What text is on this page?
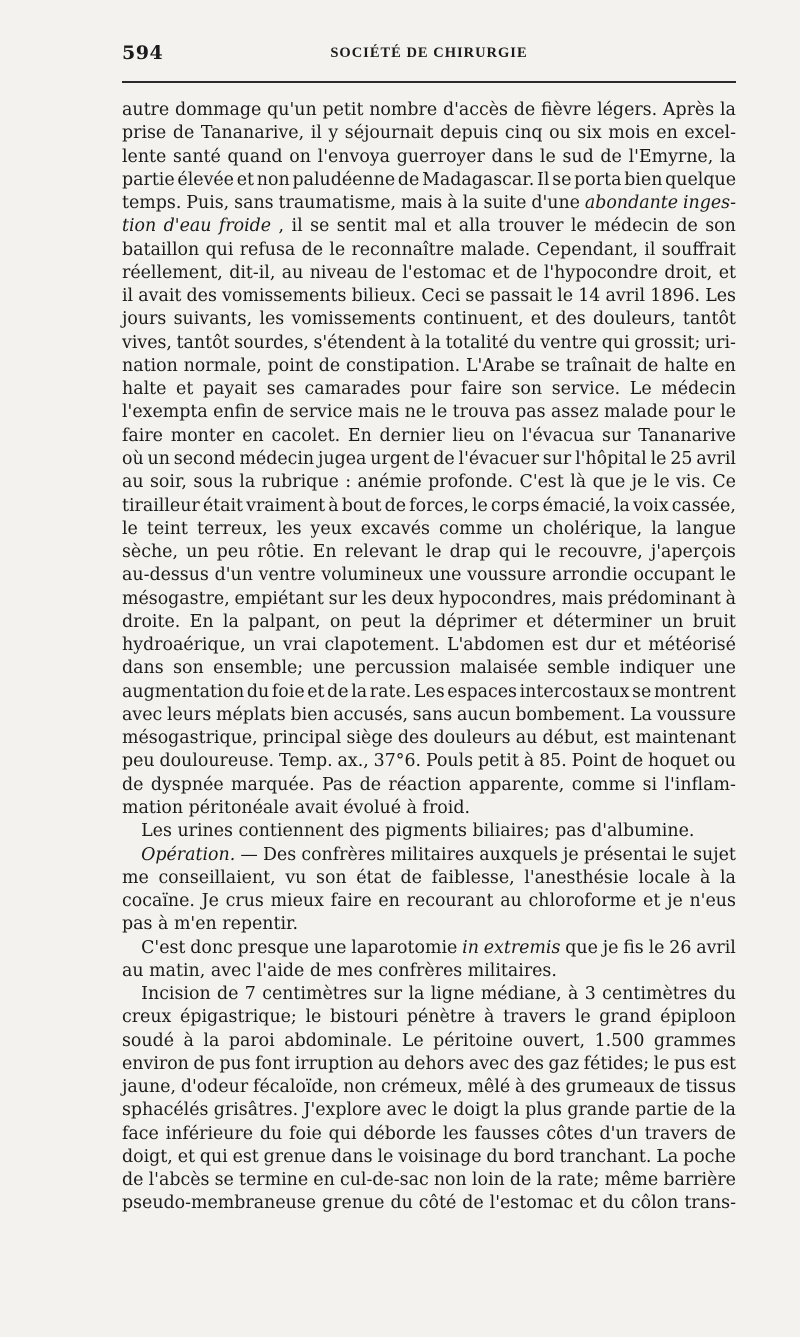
594	SOCIÉTÉ DE CHIRURGIE
autre dommage qu'un petit nombre d'accès de fièvre légers. Après la
prise de Tananarive, il y séjournait depuis cinq ou six mois en excel-
lente santé quand on l'envoya guerroyer dans le sud de l'Emyrne, la
partie élevée et non paludéenne de Madagascar. Il se porta bien quelque
temps. Puis, sans traumatisme, mais à la suite d'une abondante inges-
tion d'eau froide , il se sentit mal et alla trouver le médecin de son
bataillon qui refusa de le reconnaître malade. Cependant, il souffrait
réellement, dit-il, au niveau de l'estomac et de l'hypocondre droit, et
il avait des vomissements bilieux. Ceci se passait le 14 avril 1896. Les
jours suivants, les vomissements continuent, et des douleurs, tantôt
vives, tantôt sourdes, s'étendent à la totalité du ventre qui grossit; uri-
nation normale, point de constipation. L'Arabe se traînait de halte en
halte et payait ses camarades pour faire son service. Le médecin
l'exempta enfin de service mais ne le trouva pas assez malade pour le
faire monter en cacolet. En dernier lieu on l'évacua sur Tananarive
où un second médecin jugea urgent de l'évacuer sur l'hôpital le 25 avril
au soir, sous la rubrique : anémie profonde. C'est là que je le vis. Ce
tirailleur était vraiment à bout de forces, le corps émacié, la voix cassée,
le teint terreux, les yeux excavés comme un cholérique, la langue
sèche, un peu rôtie. En relevant le drap qui le recouvre, j'aperçois
au-dessus d'un ventre volumineux une voussure arrondie occupant le
mésogastre, empiétant sur les deux hypocondres, mais prédominant à
droite. En la palpant, on peut la déprimer et déterminer un bruit
hydroaérique, un vrai clapotement. L'abdomen est dur et météorisé
dans son ensemble; une percussion malaisée semble indiquer une
augmentation du foie et de la rate. Les espaces intercostaux se montrent
avec leurs méplats bien accusés, sans aucun bombement. La voussure
mésogastrique, principal siège des douleurs au début, est maintenant
peu douloureuse. Temp. ax., 37°6. Pouls petit à 85. Point de hoquet ou
de dyspnée marquée. Pas de réaction apparente, comme si l'inflam-
mation péritonéale avait évolué à froid.
Les urines contiennent des pigments biliaires; pas d'albumine.
Opération. — Des confrères militaires auxquels je présentai le sujet
me conseillaient, vu son état de faiblesse, l'anesthésie locale à la
cocaïne. Je crus mieux faire en recourant au chloroforme et je n'eus
pas à m'en repentir.
C'est donc presque une laparotomie in extremis que je fis le 26 avril
au matin, avec l'aide de mes confrères militaires.
Incision de 7 centimètres sur la ligne médiane, à 3 centimètres du
creux épigastrique; le bistouri pénètre à travers le grand épiploon
soudé à la paroi abdominale. Le péritoine ouvert, 1.500 grammes
environ de pus font irruption au dehors avec des gaz fétides; le pus est
jaune, d'odeur fécaloïde, non crémeux, mêlé à des grumeaux de tissus
sphacélés grisâtres. J'explore avec le doigt la plus grande partie de la
face inférieure du foie qui déborde les fausses côtes d'un travers de
doigt, et qui est grenue dans le voisinage du bord tranchant. La poche
de l'abcès se termine en cul-de-sac non loin de la rate; même barrière
pseudo-membraneuse grenue du côté de l'estomac et du côlon trans-
